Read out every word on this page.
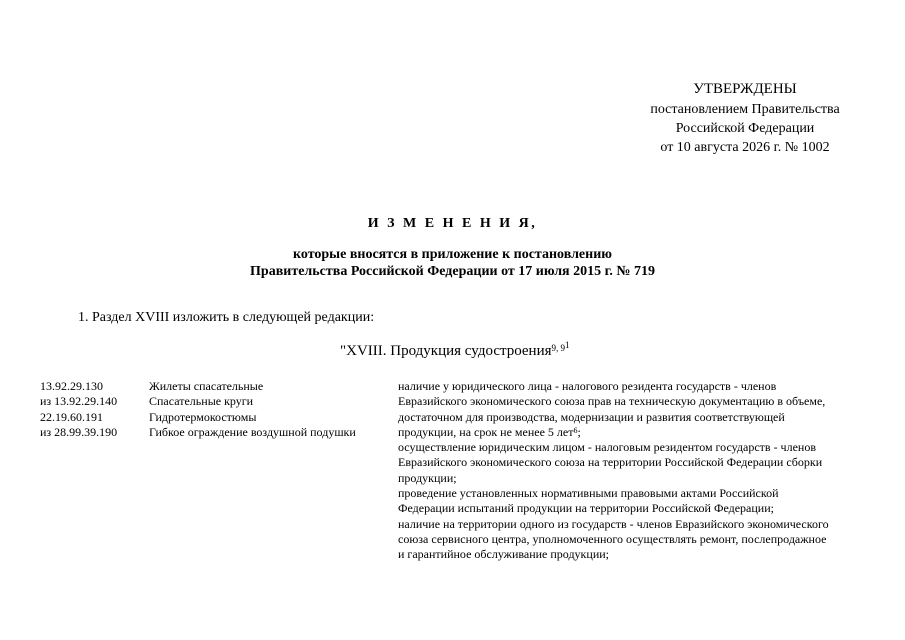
УТВЕРЖДЕНЫ
постановлением Правительства
Российской Федерации
от 10 августа 2026 г. № 1002
И З М Е Н Е Н И Я,
которые вносятся в приложение к постановлению
Правительства Российской Федерации от 17 июля 2015 г. № 719
1. Раздел XVIII изложить в следующей редакции:
"XVIII. Продукция судостроения$^{9, 9^1}$
13.92.29.130
из 13.92.29.140
22.19.60.191
из 28.99.39.190
Жилеты спасательные
Спасательные круги
Гидротермокостюмы
Гибкое ограждение воздушной подушки
наличие у юридического лица - налогового резидента государств - членов
Евразийского экономического союза прав на техническую документацию в объеме,
достаточном для производства, модернизации и развития соответствующей
продукции, на срок не менее 5 лет$^6$;
осуществление юридическим лицом - налоговым резидентом государств - членов
Евразийского экономического союза на территории Российской Федерации сборки
продукции;
проведение установленных нормативными правовыми актами Российской
Федерации испытаний продукции на территории Российской Федерации;
наличие на территории одного из государств - членов Евразийского экономического
союза сервисного центра, уполномоченного осуществлять ремонт, послепродажное
и гарантийное обслуживание продукции;
